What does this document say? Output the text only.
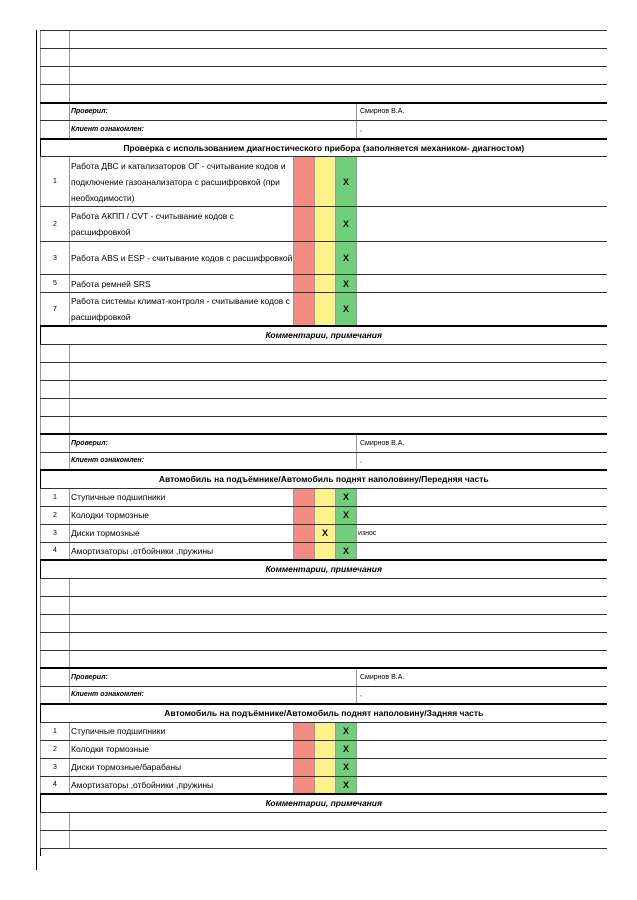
	Проверил:				Смирнов В.А.
	Клиент ознакомлен:				,
Проверка с использованием диагностического прибора (заполняется механиком- диагностом)					
1	Работа ДВС и катализаторов ОГ - считывание кодов и подключение газоанализатора с расшифровкой (при необходимости)			X	
2	Работа АКПП / CVT - считывание кодов с расшифровкой			X	
3	Работа ABS и ESP - считывание кодов с расшифровкой			X	
5	Работа ремней SRS			X	
7	Работа системы климат-контроля - считывание кодов с расшифровкой			X	
Комментарии, примечания					

	Проверил:				Смирнов В.А.
	Клиент ознакомлен:				,
Автомобиль на подъёмнике/Автомобиль поднят наполовину/Передняя часть					
1	Ступичные подшипники			X	
2	Колодки тормозные			X	
3	Диски тормозные		X		износ
4	Амортизаторы ,отбойники ,пружины			X	
Комментарии, примечания					

	Проверил:				Смирнов В.А.
	Клиент ознакомлен:				,
Автомобиль на подъёмнике/Автомобиль поднят наполовину/Задняя часть					
1	Ступичные подшипники			X	
2	Колодки тормозные			X	
3	Диски тормозные/барабаны			X	
4	Амортизаторы ,отбойники ,пружины			X	
Комментарии, примечания					
